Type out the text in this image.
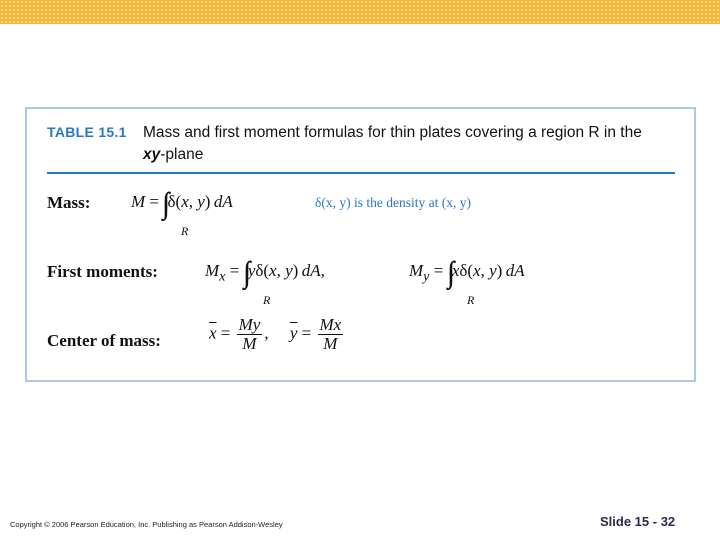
TABLE 15.1 Mass and first moment formulas for thin plates covering a region R in the xy-plane
Mass: M =  δ(x, y) dA
R
δ(x, y) is the density at (x, y)
First moments:	$M_x = y\delta(x$, y) dA,
R
$M_y = x\delta(x$, y) dA
R
Center of mass:	$\overline{x} = \frac{My}{M}$ ,     $\overline{y} = \frac{Mx}{M}$
Copyright © 2006 Pearson Education, Inc. Publishing as Pearson Addison-Wesley	Slide 15 - 32
